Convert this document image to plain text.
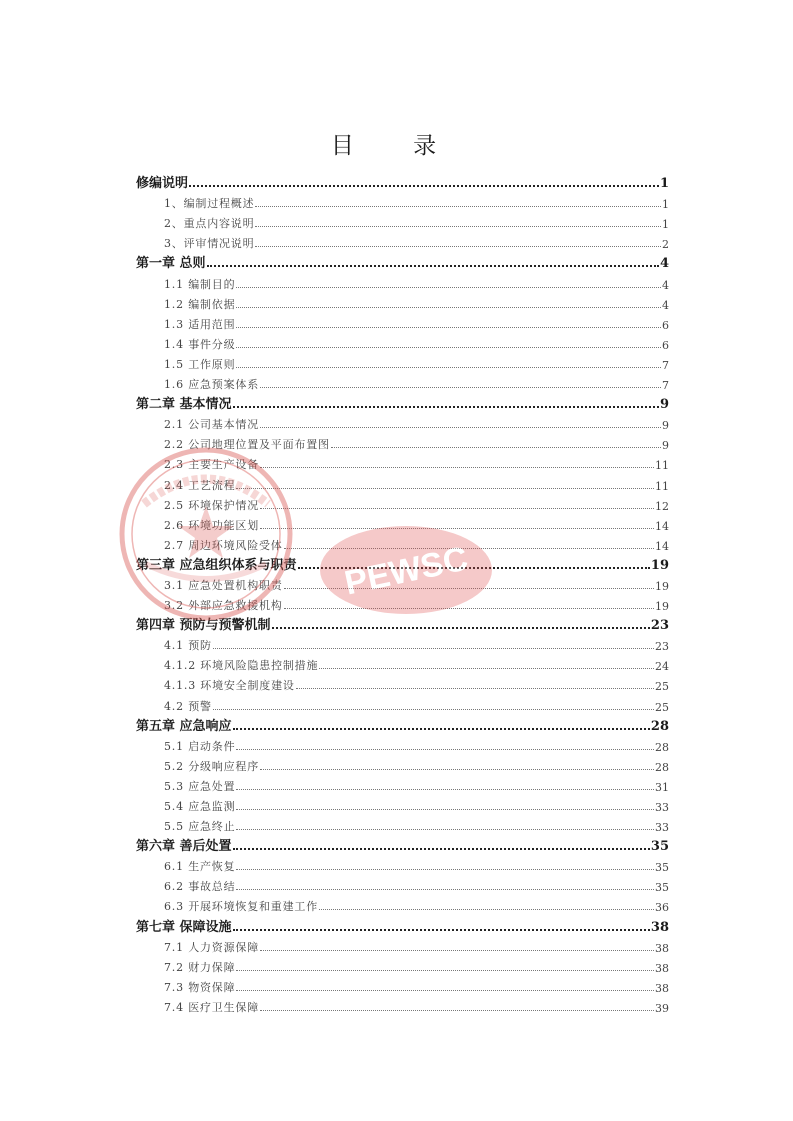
目 录
修编说明	1
1、编制过程概述	1
2、重点内容说明	1
3、评审情况说明	2
第一章 总则	4
1.1 编制目的	4
1.2 编制依据	4
1.3 适用范围	6
1.4 事件分级	6
1.5 工作原则	7
1.6 应急预案体系	7
第二章 基本情况	9
2.1 公司基本情况	9
2.2 公司地理位置及平面布置图	9
2.3 主要生产设备	11
2.4 工艺流程	11
2.5 环境保护情况	12
2.6 环境功能区划	14
2.7 周边环境风险受体	14
第三章 应急组织体系与职责	19
3.1 应急处置机构职责	19
3.2 外部应急救援机构	19
第四章 预防与预警机制	23
4.1 预防	23
4.1.2 环境风险隐患控制措施	24
4.1.3 环境安全制度建设	25
4.2 预警	25
第五章 应急响应	28
5.1 启动条件	28
5.2 分级响应程序	28
5.3 应急处置	31
5.4 应急监测	33
5.5 应急终止	33
第六章 善后处置	35
6.1 生产恢复	35
6.2 事故总结	35
6.3 开展环境恢复和重建工作	36
第七章 保障设施	38
7.1 人力资源保障	38
7.2 财力保障	38
7.3 物资保障	38
7.4 医疗卫生保障	39
PEWSC
